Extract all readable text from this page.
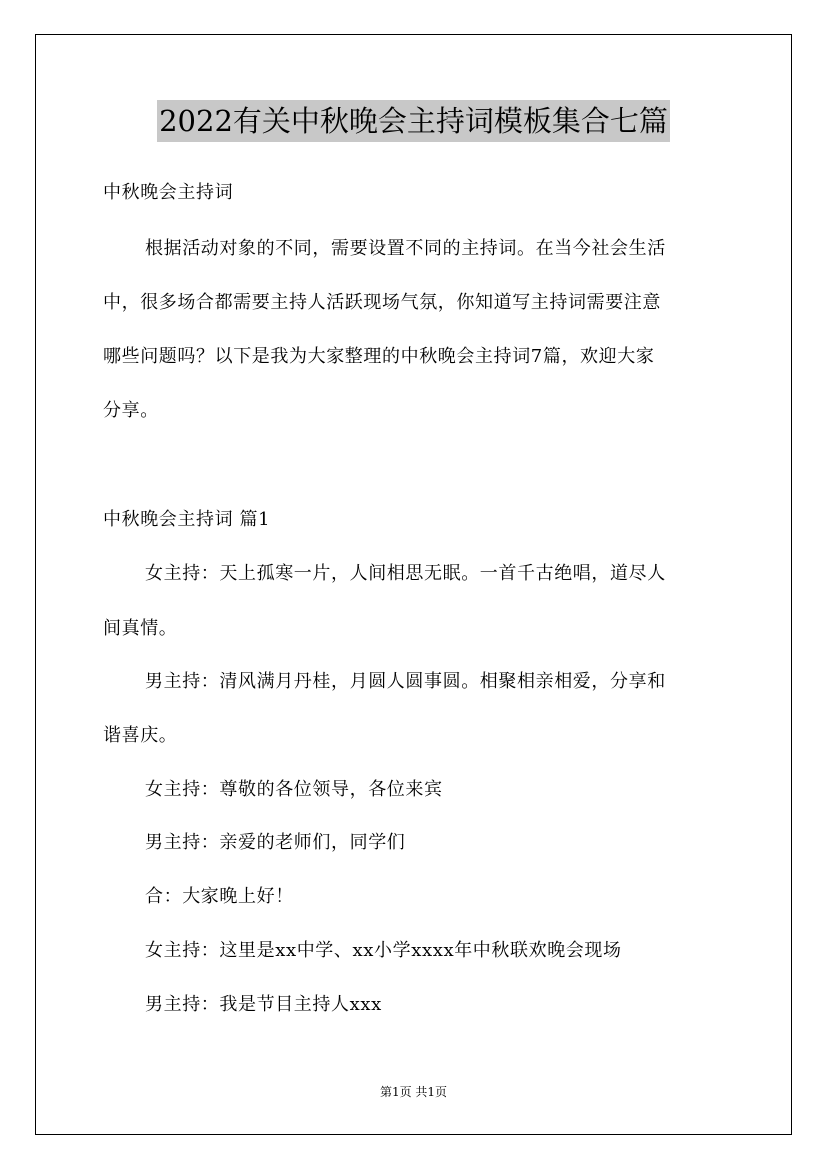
2022有关中秋晚会主持词模板集合七篇
中秋晚会主持词
根据活动对象的不同，需要设置不同的主持词。在当今社会生活
中，很多场合都需要主持人活跃现场气氛，你知道写主持词需要注意
哪些问题吗？以下是我为大家整理的中秋晚会主持词7篇，欢迎大家
分享。
中秋晚会主持词 篇1
女主持：天上孤寒一片，人间相思无眠。一首千古绝唱，道尽人
间真情。
男主持：清风满月丹桂，月圆人圆事圆。相聚相亲相爱，分享和
谐喜庆。
女主持：尊敬的各位领导，各位来宾
男主持：亲爱的老师们，同学们
合：大家晚上好！
女主持：这里是xx中学、xx小学xxxx年中秋联欢晚会现场
男主持：我是节目主持人xxx
第1页 共1页
